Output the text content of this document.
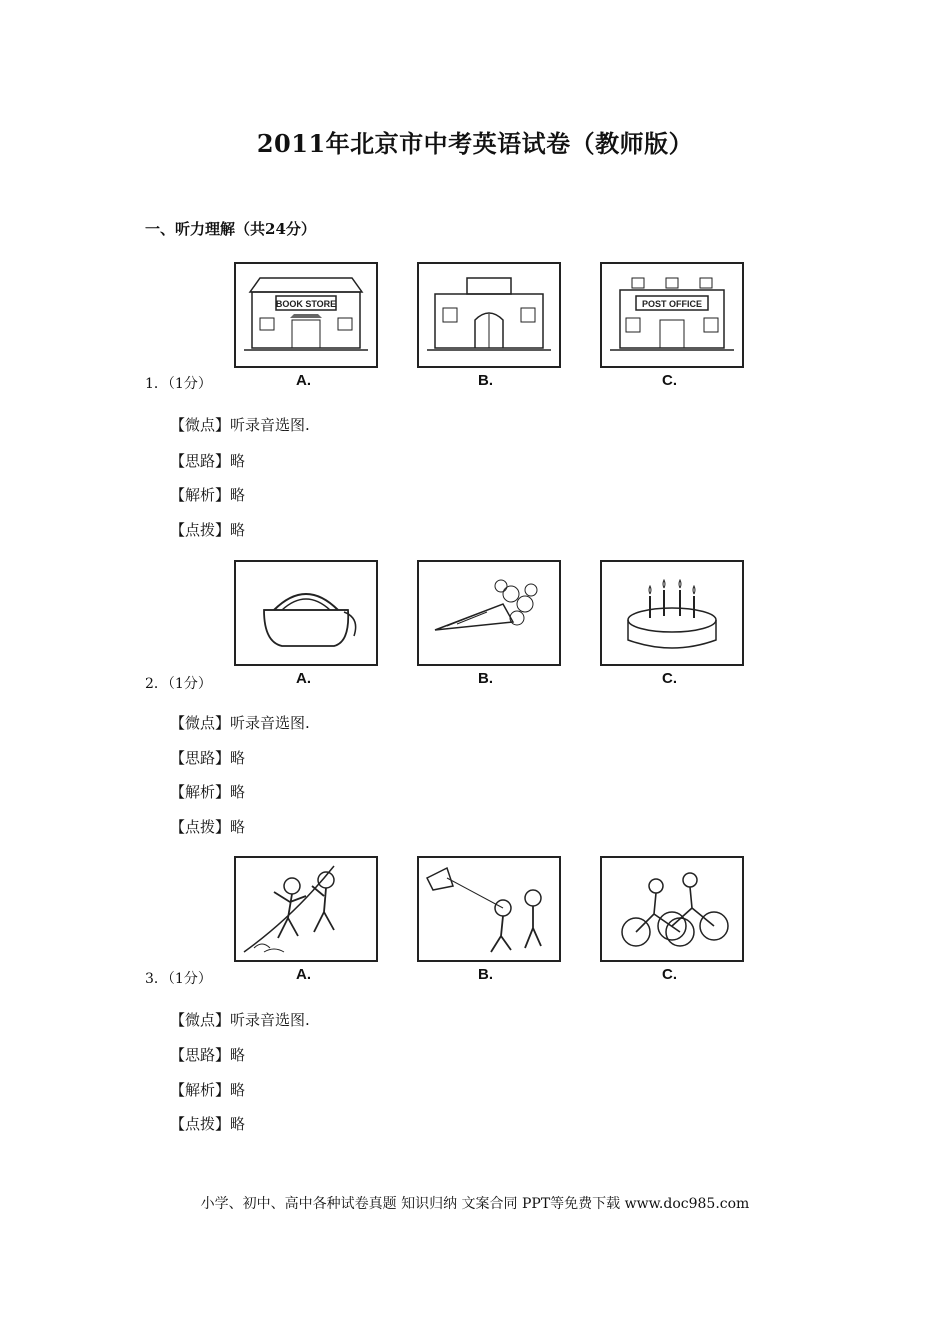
2011年北京市中考英语试卷（教师版）
一、听力理解（共24分）
BOOK STORE	POST OFFICE
1．（1分）	A.	B.	C.
【微点】听录音选图.
【思路】略
【解析】略
【点拨】略
2．（1分）	A.	B.	C.
【微点】听录音选图.
【思路】略
【解析】略
【点拨】略
3．（1分）	A.	B.	C.
【微点】听录音选图.
【思路】略
【解析】略
【点拨】略
小学、初中、高中各种试卷真题 知识归纳 文案合同 PPT等免费下载 www.doc985.com
